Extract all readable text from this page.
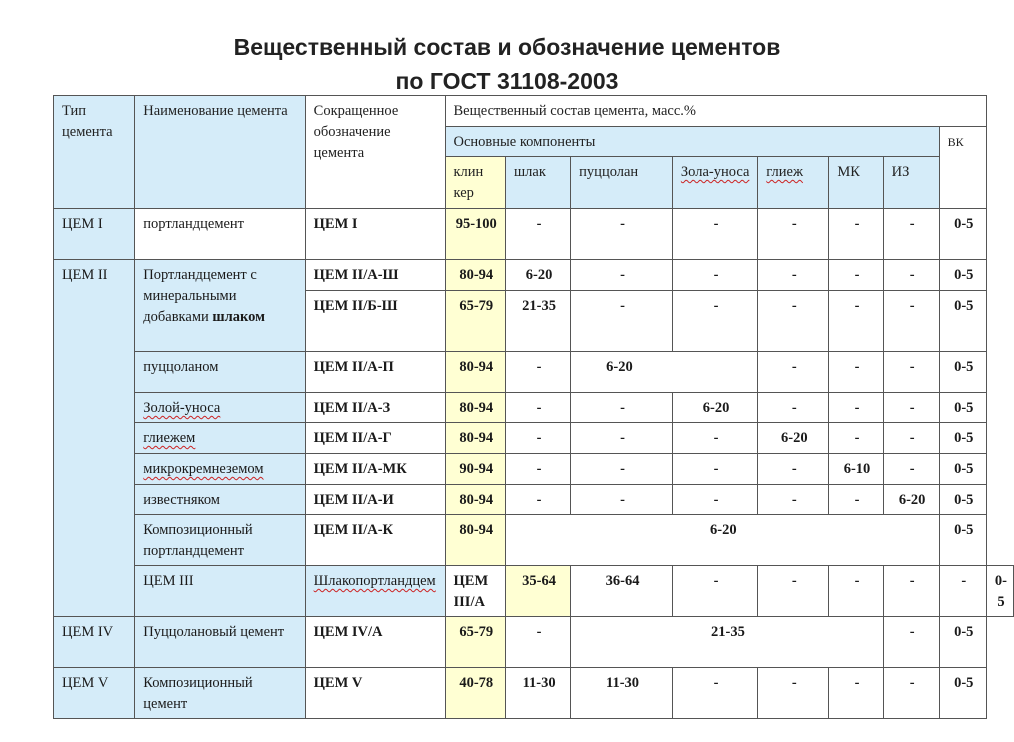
Вещественный состав и обозначение цементов
по ГОСТ 31108-2003
Тип цемента	Наименование цемента	Сокращенное обозначение цемента	Вещественный состав цемента, масс.%								
			Основные компоненты							ВК	
			клин кер	шлак	пуццолан	Зола-уноса	глиеж	МК	ИЗ		
ЦЕМ I	портландцемент	ЦЕМ I	95-100	-	-	-	-	-	-	0-5	
ЦЕМ II	Портландцемент с минеральными добавками шлаком	ЦЕМ II/А-Ш	80-94	6-20	-	-	-	-	-	0-5	
		ЦЕМ II/Б-Ш	65-79	21-35	-	-	-	-	-	0-5	
	пуццоланом	ЦЕМ II/А-П	80-94	-	6-20		-	-	-	0-5	
	Золой-уноса	ЦЕМ II/А-З	80-94	-	-	6-20	-	-	-	0-5	
	глиежем	ЦЕМ II/А-Г	80-94	-	-	-	6-20	-	-	0-5	
	микрокремнеземом	ЦЕМ II/А-МК	90-94	-	-	-	-	6-10	-	0-5	
	известняком	ЦЕМ II/А-И	80-94	-	-	-	-	-	6-20	0-5	
	Композиционный портландцемент	ЦЕМ II/А-К	80-94	6-20						0-5	
	ЦЕМ III	Шлакопортландцем	ЦЕМ III/А	35-64	36-64	-	-	-	-	-	0-5
ЦЕМ IV	Пуццолановый цемент	ЦЕМ IV/А	65-79	-	21-35				-	0-5	
ЦЕМ V	Композиционный цемент	ЦЕМ V	40-78	11-30	11-30	-	-	-	-	0-5	
